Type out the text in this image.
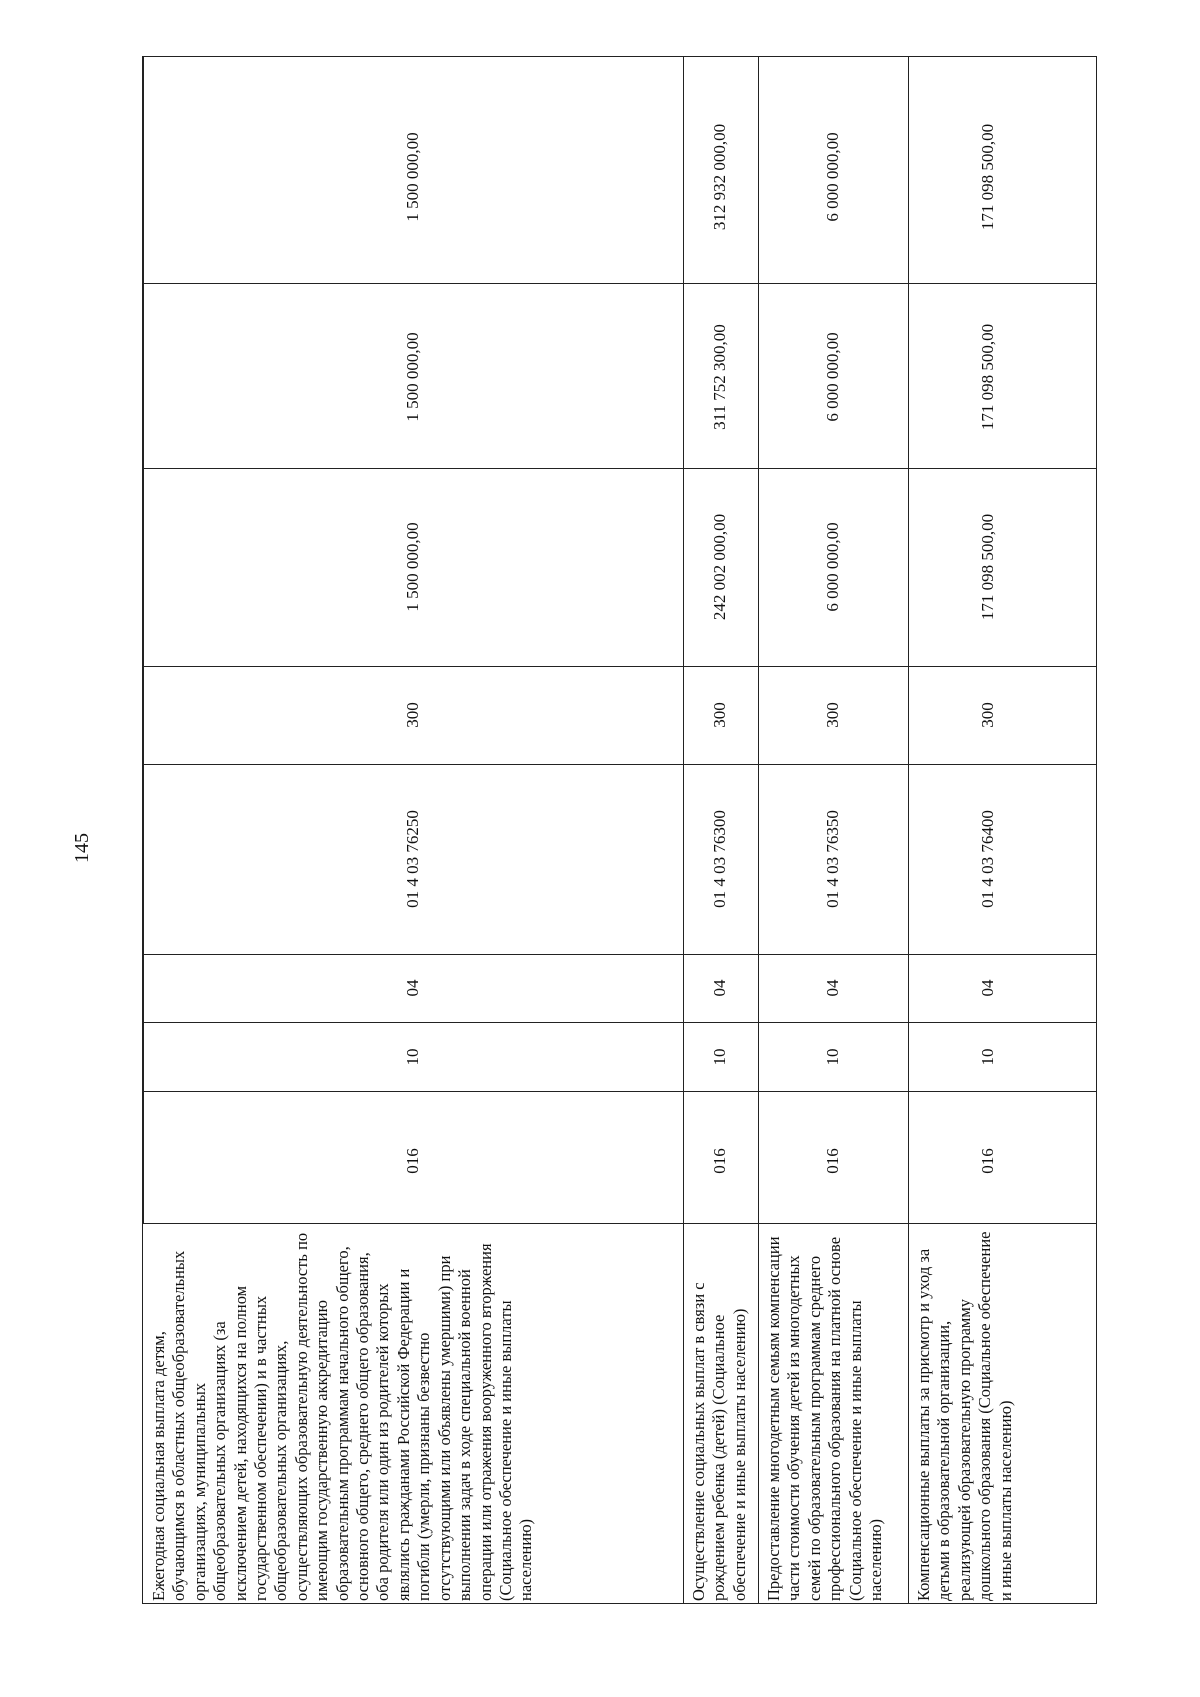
145
Ежегодная социальная выплата детям, обучающимся в областных общеобразовательных организациях, муниципальных общеобразовательных организациях (за исключением детей, находящихся на полном государственном обеспечении) и в частных общеобразовательных организациях, осуществляющих образовательную деятельность по имеющим государственную аккредитацию образовательным программам начального общего, основного общего, среднего общего образования, оба родителя или один из родителей которых являлись гражданами Российской Федерации и погибли (умерли, признаны безвестно отсутствующими или объявлены умершими) при выполнении задач в ходе специальной военной операции или отражения вооруженного вторжения (Социальное обеспечение и иные выплаты населению)
016
10
04
01 4 03 76250
300
1 500 000,00
1 500 000,00
1 500 000,00
Осуществление социальных выплат в связи с рождением ребенка (детей) (Социальное обеспечение и иные выплаты населению)
016
10
04
01 4 03 76300
300
242 002 000,00
311 752 300,00
312 932 000,00
Предоставление многодетным семьям компенсации части стоимости обучения детей из многодетных семей по образовательным программам среднего профессионального образования на платной основе (Социальное обеспечение и иные выплаты населению)
016
10
04
01 4 03 76350
300
6 000 000,00
6 000 000,00
6 000 000,00
Компенсационные выплаты за присмотр и уход за детьми в образовательной организации, реализующей образовательную программу дошкольного образования (Социальное обеспечение и иные выплаты населению)
016
10
04
01 4 03 76400
300
171 098 500,00
171 098 500,00
171 098 500,00
